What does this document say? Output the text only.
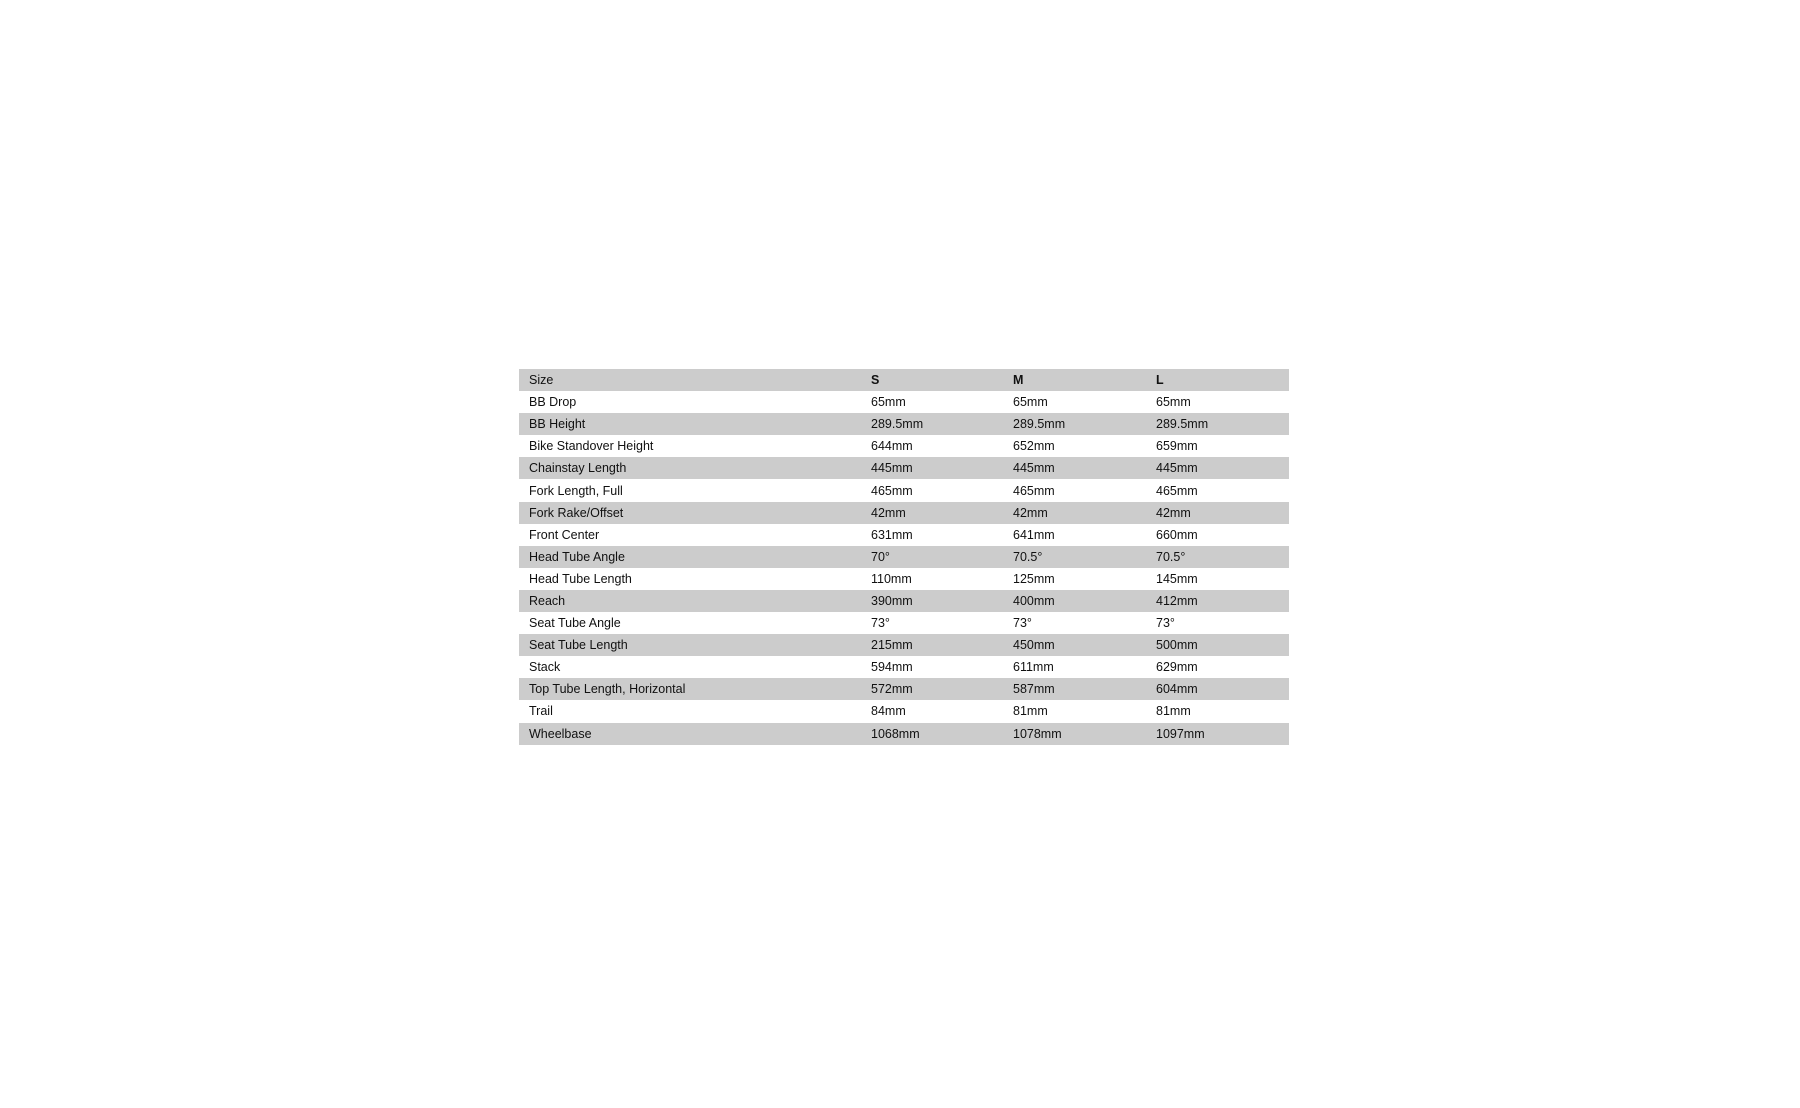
Size	S	M	L
BB Drop	65mm	65mm	65mm
BB Height	289.5mm	289.5mm	289.5mm
Bike Standover Height	644mm	652mm	659mm
Chainstay Length	445mm	445mm	445mm
Fork Length, Full	465mm	465mm	465mm
Fork Rake/Offset	42mm	42mm	42mm
Front Center	631mm	641mm	660mm
Head Tube Angle	70°	70.5°	70.5°
Head Tube Length	110mm	125mm	145mm
Reach	390mm	400mm	412mm
Seat Tube Angle	73°	73°	73°
Seat Tube Length	215mm	450mm	500mm
Stack	594mm	611mm	629mm
Top Tube Length, Horizontal	572mm	587mm	604mm
Trail	84mm	81mm	81mm
Wheelbase	1068mm	1078mm	1097mm
